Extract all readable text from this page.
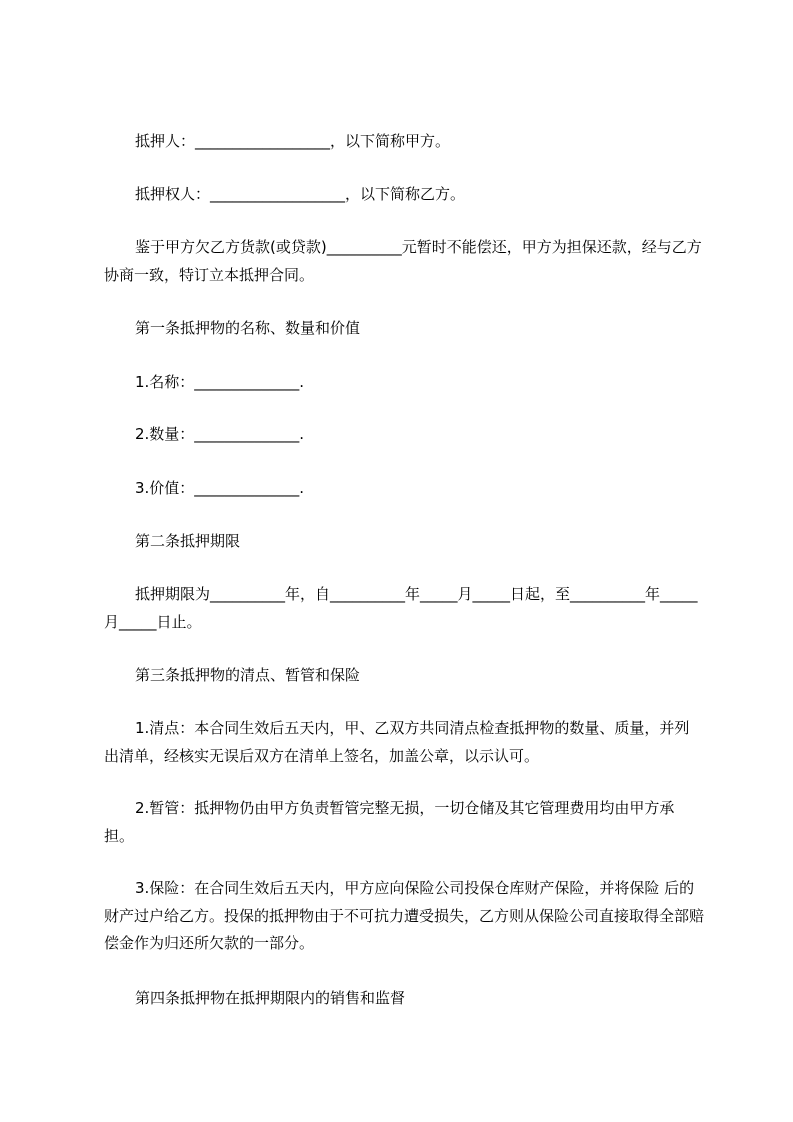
抵押人：__________________，以下简称甲方。
抵押权人：__________________，以下简称乙方。
鉴于甲方欠乙方货款(或贷款)__________元暂时不能偿还，甲方为担保还款，经与乙方协商一致，特订立本抵押合同。
第一条抵押物的名称、数量和价值
1.名称：______________.
2.数量：______________.
3.价值：______________.
第二条抵押期限
抵押期限为__________年，自__________年_____月_____日起，至__________年_____月_____日止。
第三条抵押物的清点、暂管和保险
1.清点：本合同生效后五天内，甲、乙双方共同清点检查抵押物的数量、质量，并列出清单，经核实无误后双方在清单上签名，加盖公章，以示认可。
2.暂管：抵押物仍由甲方负责暂管完整无损，一切仓储及其它管理费用均由甲方承担。
3.保险：在合同生效后五天内，甲方应向保险公司投保仓库财产保险，并将保险 后的财产过户给乙方。投保的抵押物由于不可抗力遭受损失，乙方则从保险公司直接取得全部赔偿金作为归还所欠款的一部分。
第四条抵押物在抵押期限内的销售和监督
